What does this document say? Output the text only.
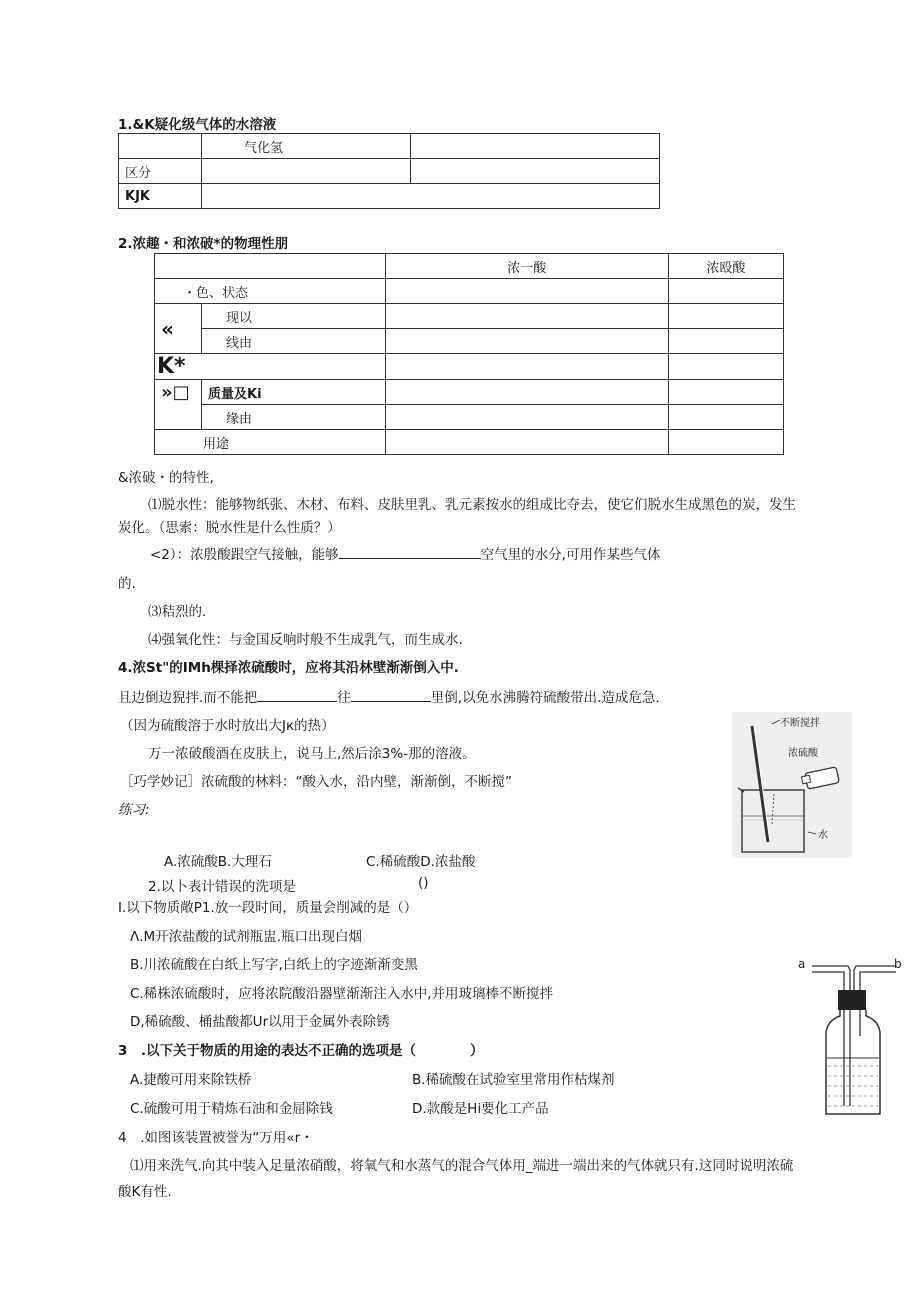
1.&K疑化级气体的水溶液
	气化氢	
区分		
KJK		
2.浓趣・和浓破*的物理性朋
		浓一酸	浓殴酸
・色、状态			
«	现以		
	线由		
K*			
»□	质量及Ki		
	缘由		
用途			
&浓破・的特性,
⑴脱水性：能够物纸张、木材、布料、皮肤里乳、乳元素按水的组成比夺去，使它们脱水生成黑色的炭，发生
炭化。（思索：脱水性是什么性质？）
<2）：浓殷酸跟空气接触，能够	空气里的水分,可用作某些气体
的.
⑶秸烈的.
⑷强氧化性：与金国反响时般不生成乳气，而生成水.
4.浓St"的IMh棵择浓硫酸时，应将其沿林壁渐渐倒入中.
且边倒边猊拌.而不能把	往	里倒,以免水沸腾符硫酸带出.造成危急.
（因为硫酸溶于水时放出大Jк的热）
万一浓破酸酒在皮肤上，说马上,然后涂3%-那的溶液。
［巧学妙记］浓硫酸的林料：“酸入水，沿内壁，渐渐倒，不断搅”
练习:
不断搅拌
浓硫酸
水
A.浓硫酸B.大理石	C.稀硫酸D.浓盐酸
2.以卜表计错误的洗项是	()
I.以下物质敞P1.放一段时间，质量会削减的是（）
Λ.M开浓盐酸的试剂瓶盅.瓶口出现白烟
B.川浓硫酸在白纸上写字,白纸上的字迹渐渐变黑
C.稀株浓硫酸时，应将浓院酸沿器壁渐渐注入水中,并用玻璃棒不断搅拌
D,稀硫酸、桶盐酸都Ur以用于金属外表除锈
3　.以下关于物质的用途的表达不正确的选项是（　　　　）
A.捷酸可用来除铁桥	B.稀硫酸在试验室里常用作枯煤剂
C.硫酸可用于精炼石油和金屈除钱	D.款酸是Hi要化工产品
4　.如图该装置被誉为“万用«r・
⑴用来洗气.向其中装入足量浓硝酸，将氧气和水蒸气的混合气体用_端进一端出来的气体就只有.这同时说明浓硫
酸K有性.
a	b
